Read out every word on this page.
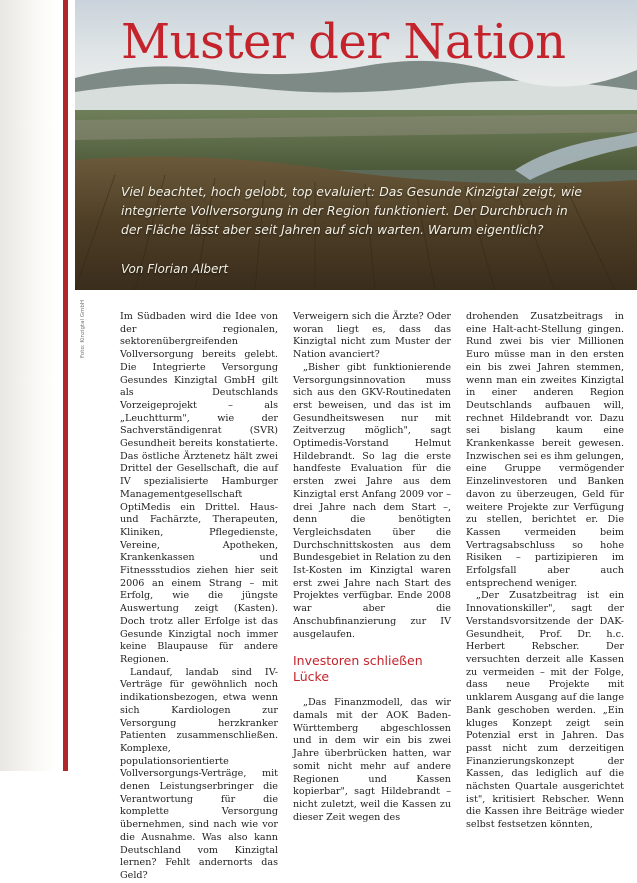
Muster der Nation

Viel beachtet, hoch gelobt, top evaluiert: Das Gesunde Kinzigtal zeigt, wie integrierte Vollversorgung in der Region funktioniert. Der Durchbruch in der Fläche lässt aber seit Jahren auf sich warten. Warum eigentlich?

Von Florian Albert

Foto: Kinzigtal GmbH	Im Südbaden wird die Idee von der regionalen, sektorenübergreifenden Vollversorgung bereits gelebt. Die Integrierte Versorgung Gesundes Kinzigtal GmbH gilt als Deutschlands Vorzeigeprojekt – als „Leuchtturm", wie der Sachverständigenrat (SVR) Gesundheit bereits konstatierte. Das östliche Ärztenetz hält zwei Drittel der Gesellschaft, die auf IV spezialisierte Hamburger Managementgesellschaft OptiMedis ein Drittel. Haus- und Fachärzte, Therapeuten, Kliniken, Pflegedienste, Vereine, Apotheken, Krankenkassen und Fitnessstudios ziehen hier seit 2006 an einem Strang – mit Erfolg, wie die jüngste Auswertung zeigt (Kasten). Doch trotz aller Erfolge ist das Gesunde Kinzigtal noch immer keine Blaupause für andere Regionen.

Landauf, landab sind IV-Verträge für gewöhnlich noch indikationsbezogen, etwa wenn sich Kardiologen zur Versorgung herzkranker Patienten zusammenschließen. Komplexe, populationsorientierte Vollversorgungs-Verträge, mit denen Leistungserbringer die Verantwortung für die komplette Versorgung übernehmen, sind nach wie vor die Ausnahme. Was also kann Deutschland vom Kinzigtal lernen? Fehlt andernorts das Geld?

Verweigern sich die Ärzte? Oder woran liegt es, dass das Kinzigtal nicht zum Muster der Nation avanciert?

„Bisher gibt funktionierende Versorgungsinnovation muss sich aus den GKV-Routinedaten erst beweisen, und das ist im Gesundheitswesen nur mit Zeitverzug möglich", sagt Optimedis-Vorstand Helmut Hildebrandt. So lag die erste handfeste Evaluation für die ersten zwei Jahre aus dem Kinzigtal erst Anfang 2009 vor – drei Jahre nach dem Start –, denn die benötigten Vergleichsdaten über die Durchschnittskosten aus dem Bundesgebiet in Relation zu den Ist-Kosten im Kinzigtal waren erst zwei Jahre nach Start des Projektes verfügbar. Ende 2008 war aber die Anschubfinanzierung zur IV ausgelaufen.

Investoren schließen Lücke

„Das Finanzmodell, das wir damals mit der AOK Baden-Württemberg abgeschlossen und in dem wir ein bis zwei Jahre überbrücken hatten, war somit nicht mehr auf andere Regionen und Kassen kopierbar", sagt Hildebrandt – nicht zuletzt, weil die Kassen zu dieser Zeit wegen des

drohenden Zusatzbeitrags in eine Halt-acht-Stellung gingen. Rund zwei bis vier Millionen Euro müsse man in den ersten ein bis zwei Jahren stemmen, wenn man ein zweites Kinzigtal in einer anderen Region Deutschlands aufbauen will, rechnet Hildebrandt vor. Dazu sei bislang kaum eine Krankenkasse bereit gewesen. Inzwischen sei es ihm gelungen, eine Gruppe vermögender Einzelinvestoren und Banken davon zu überzeugen, Geld für weitere Projekte zur Verfügung zu stellen, berichtet er. Die Kassen vermeiden beim Vertragsabschluss so hohe Risiken – partizipieren im Erfolgsfall aber auch entsprechend weniger.

„Der Zusatzbeitrag ist ein Innovationskiller", sagt der Verstandsvorsitzende der DAK-Gesundheit, Prof. Dr. h.c. Herbert Rebscher. Der versuchten derzeit alle Kassen zu vermeiden – mit der Folge, dass neue Projekte mit unklarem Ausgang auf die lange Bank geschoben werden. „Ein kluges Konzept zeigt sein Potenzial erst in Jahren. Das passt nicht zum derzeitigen Finanzierungskonzept der Kassen, das lediglich auf die nächsten Quartale ausgerichtet ist", kritisiert Rebscher. Wenn die Kassen ihre Beiträge wieder selbst festsetzen könnten,
